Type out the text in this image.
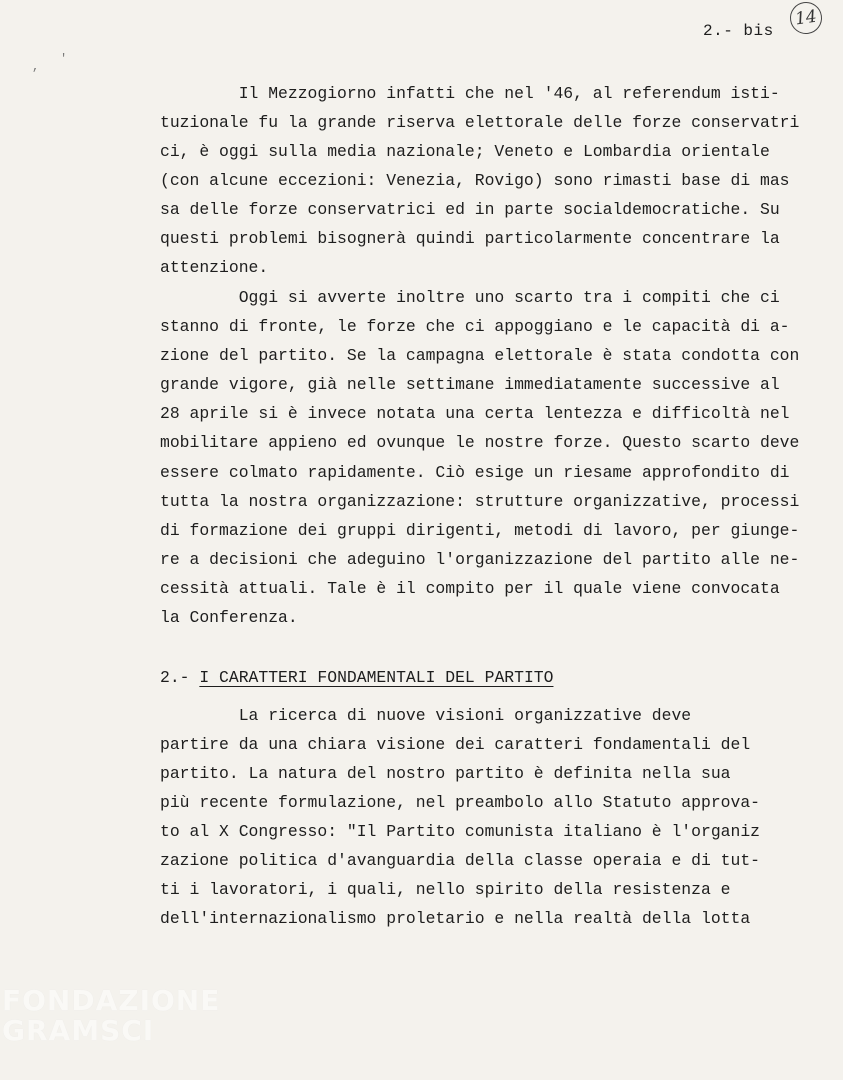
,
'
2.- bis
14
Il Mezzogiorno infatti che nel '46, al referendum isti-
tuzionale fu la grande riserva elettorale delle forze conservatri
ci, è oggi sulla media nazionale; Veneto e Lombardia orientale
(con alcune eccezioni: Venezia, Rovigo) sono rimasti base di mas
sa delle forze conservatrici ed in parte socialdemocratiche. Su
questi problemi bisognerà quindi particolarmente concentrare la
attenzione.
Oggi si avverte inoltre uno scarto tra i compiti che ci
stanno di fronte, le forze che ci appoggiano e le capacità di a-
zione del partito. Se la campagna elettorale è stata condotta con
grande vigore, già nelle settimane immediatamente successive al
28 aprile si è invece notata una certa lentezza e difficoltà nel
mobilitare appieno ed ovunque le nostre forze. Questo scarto deve
essere colmato rapidamente. Ciò esige un riesame approfondito di
tutta la nostra organizzazione: strutture organizzative, processi
di formazione dei gruppi dirigenti, metodi di lavoro, per giunge-
re a decisioni che adeguino l'organizzazione del partito alle ne-
cessità attuali. Tale è il compito per il quale viene convocata
la Conferenza.
2.- I CARATTERI FONDAMENTALI DEL PARTITO
La ricerca di nuove visioni organizzative deve
partire da una chiara visione dei caratteri fondamentali del
partito. La natura del nostro partito è definita nella sua
più recente formulazione, nel preambolo allo Statuto approva-
to al X Congresso: "Il Partito comunista italiano è l'organiz
zazione politica d'avanguardia della classe operaia e di tut-
ti i lavoratori, i quali, nello spirito della resistenza e
dell'internazionalismo proletario e nella realtà della lotta
FONDAZIONE
GRAMSCI
